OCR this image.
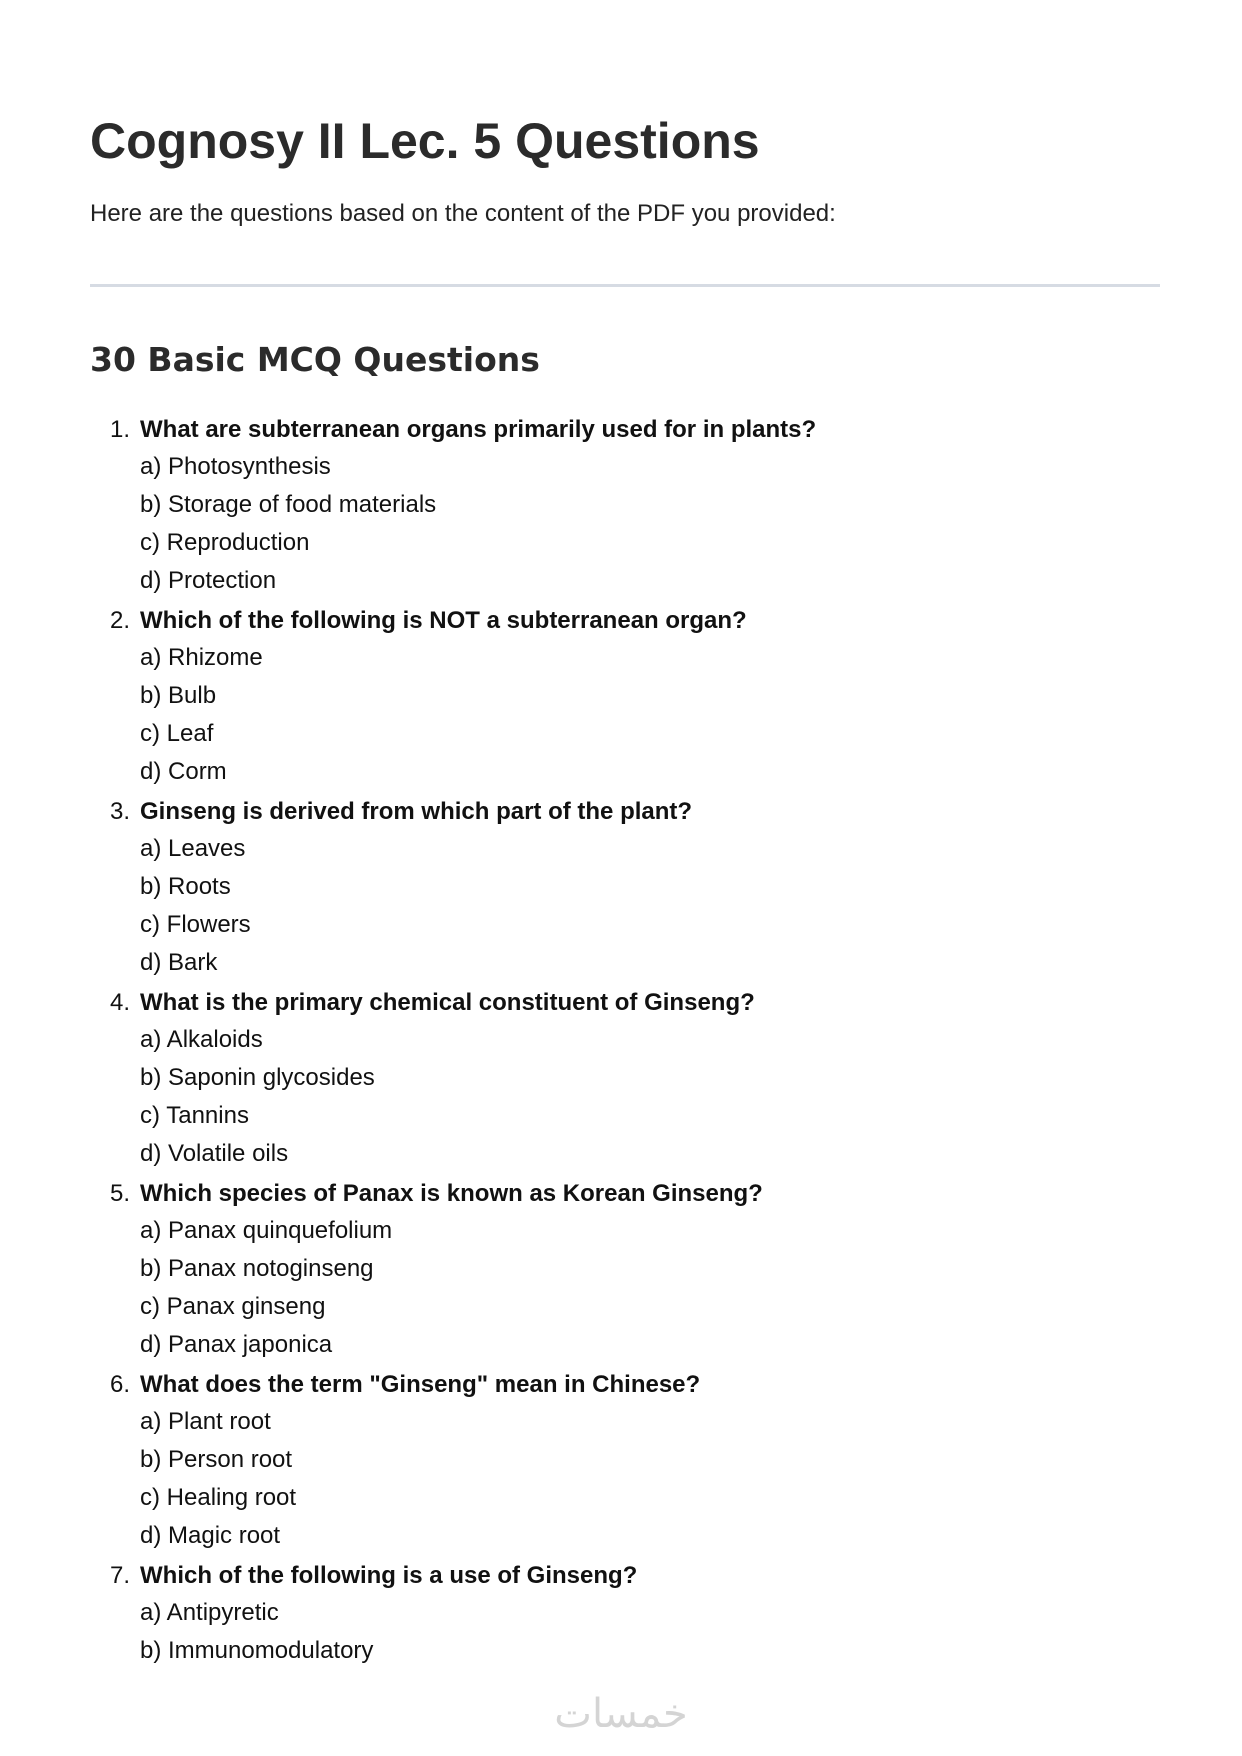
Cognosy II Lec. 5 Questions

Here are the questions based on the content of the PDF you provided:

30 Basic MCQ Questions
1. What are subterranean organs primarily used for in plants?
a) Photosynthesis
b) Storage of food materials
c) Reproduction
d) Protection
2. Which of the following is NOT a subterranean organ?
a) Rhizome
b) Bulb
c) Leaf
d) Corm
3. Ginseng is derived from which part of the plant?
a) Leaves
b) Roots
c) Flowers
d) Bark
4. What is the primary chemical constituent of Ginseng?
a) Alkaloids
b) Saponin glycosides
c) Tannins
d) Volatile oils
5. Which species of Panax is known as Korean Ginseng?
a) Panax quinquefolium
b) Panax notoginseng
c) Panax ginseng
d) Panax japonica
6. What does the term "Ginseng" mean in Chinese?
a) Plant root
b) Person root
c) Healing root
d) Magic root
7. Which of the following is a use of Ginseng?
a) Antipyretic
b) Immunomodulatory
خمسات
